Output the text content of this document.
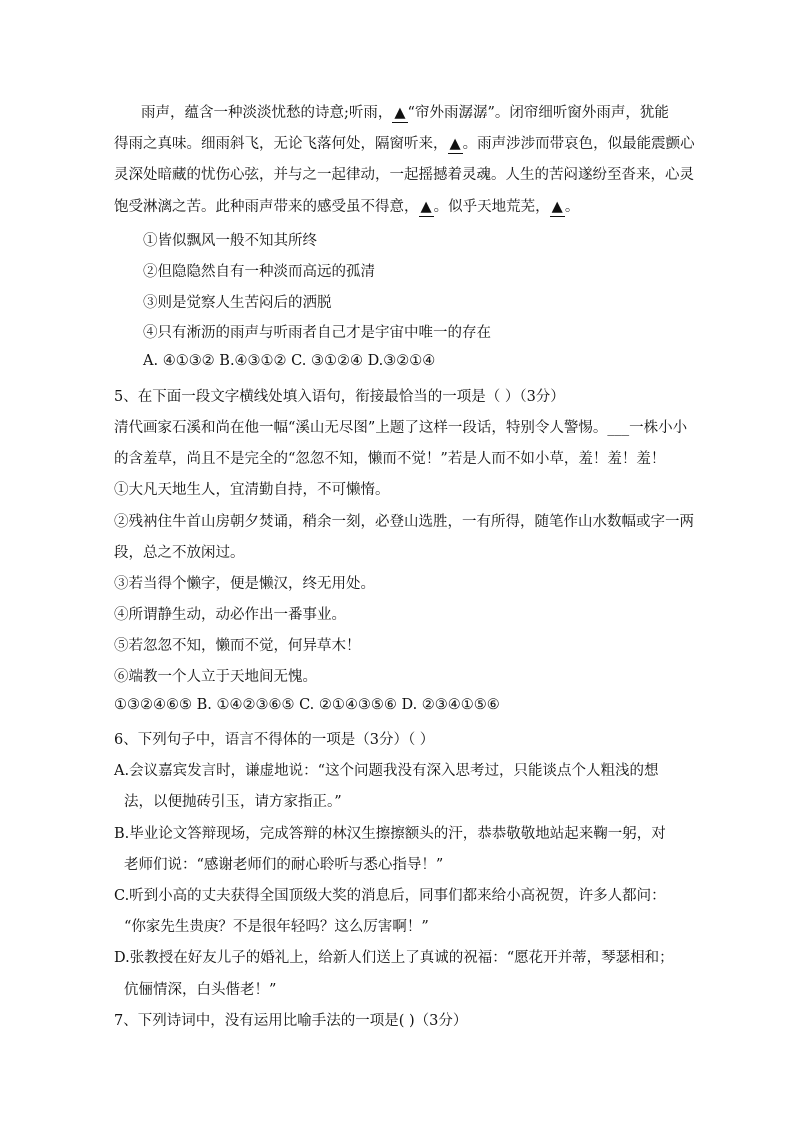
雨声，蕴含一种淡淡忧愁的诗意;听雨， ▲ “帘外雨潺潺”。闭帘细听窗外雨声，犹能
得雨之真味。细雨斜飞，无论飞落何处，隔窗听来， ▲ 。雨声涉涉而带哀色，似最能震颤心
灵深处暗藏的忧伤心弦，并与之一起律动，一起摇撼着灵魂。人生的苦闷遂纷至沓来，心灵
饱受淋漓之苦。此种雨声带来的感受虽不得意， ▲ 。似乎天地荒芜， ▲ 。
①皆似飘风一般不知其所终
②但隐隐然自有一种淡而高远的孤清
③则是觉察人生苦闷后的洒脱
④只有淅沥的雨声与听雨者自己才是宇宙中唯一的存在
A. ④①③② B.④③①② C. ③①②④ D.③②①④
5、在下面一段文字横线处填入语句，衔接最恰当的一项是（ ）（3分）
清代画家石溪和尚在他一幅“溪山无尽图”上题了这样一段话，特别令人警惕。___一株小小
的含羞草，尚且不是完全的“忽忽不知，懒而不觉！”若是人而不如小草，羞！羞！羞！
①大凡天地生人，宜清勤自持，不可懒惰。
②残衲住牛首山房朝夕焚诵，稍余一刻，必登山选胜，一有所得，随笔作山水数幅或字一两
段，总之不放闲过。
③若当得个懒字，便是懒汉，终无用处。
④所谓静生动，动必作出一番事业。
⑤若忽忽不知，懒而不觉，何异草木！
⑥端教一个人立于天地间无愧。
①③②④⑥⑤ B. ①④②③⑥⑤ C. ②①④③⑤⑥ D. ②③④①⑤⑥
6、下列句子中，语言不得体的一项是（3分）（ ）
A.会议嘉宾发言时，谦虚地说：“这个问题我没有深入思考过，只能谈点个人粗浅的想
法，以便抛砖引玉，请方家指正。”
B.毕业论文答辩现场，完成答辩的林汉生擦擦额头的汗，恭恭敬敬地站起来鞠一躬，对
老师们说：“感谢老师们的耐心聆听与悉心指导！”
C.听到小高的丈夫获得全国顶级大奖的消息后，同事们都来给小高祝贺，许多人都问：
“你家先生贵庚？不是很年轻吗？这么厉害啊！”
D.张教授在好友儿子的婚礼上，给新人们送上了真诚的祝福：“愿花开并蒂，琴瑟相和；
伉俪情深，白头偕老！”
7、下列诗词中，没有运用比喻手法的一项是( )（3分）
